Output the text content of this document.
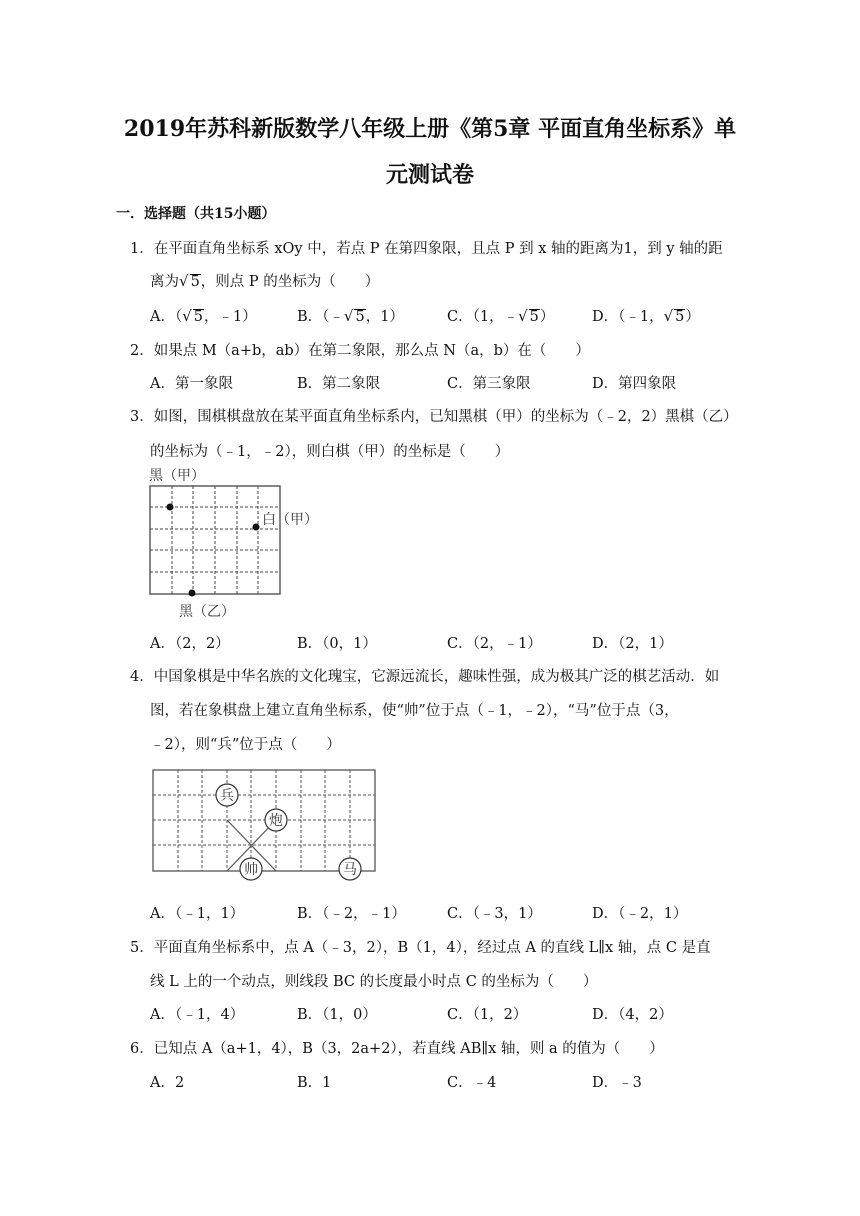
2019年苏科新版数学八年级上册《第5章 平面直角坐标系》单
元测试卷
一．选择题（共15小题）
1．在平面直角坐标系 xOy 中，若点 P 在第四象限，且点 P 到 x 轴的距离为1，到 y 轴的距
离为√ 5，则点 P 的坐标为（　　）
A．（√ 5，﹣1）	B．（﹣√ 5，1）	C．（1，﹣√ 5）	D．（﹣1，√ 5）
2．如果点 M（a+b，ab）在第二象限，那么点 N（a，b）在（　　）
A．第一象限	B．第二象限	C．第三象限	D．第四象限
3．如图，围棋棋盘放在某平面直角坐标系内，已知黑棋（甲）的坐标为（﹣2，2）黑棋（乙）
的坐标为（﹣1，﹣2），则白棋（甲）的坐标是（　　）
黑（甲）
白（甲）
黑（乙）
A．（2，2）	B．（0，1）	C．（2，﹣1）	D．（2，1）
4．中国象棋是中华名族的文化瑰宝，它源远流长，趣味性强，成为极其广泛的棋艺活动．如
图，若在象棋盘上建立直角坐标系，使“帅”位于点（﹣1，﹣2），“马”位于点（3，
﹣2），则“兵”位于点（　　）
兵
炮
帅	马
A．（﹣1，1）	B．（﹣2，﹣1）	C．（﹣3，1）	D．（﹣2，1）
5．平面直角坐标系中，点 A（﹣3，2），B（1，4），经过点 A 的直线 L∥x 轴，点 C 是直
线 L 上的一个动点，则线段 BC 的长度最小时点 C 的坐标为（　　）
A．（﹣1，4）	B．（1，0）	C．（1，2）	D．（4，2）
6．已知点 A（a+1，4），B（3，2a+2），若直线 AB∥x 轴，则 a 的值为（　　）
A．2	B．1	C．﹣4	D．﹣3
